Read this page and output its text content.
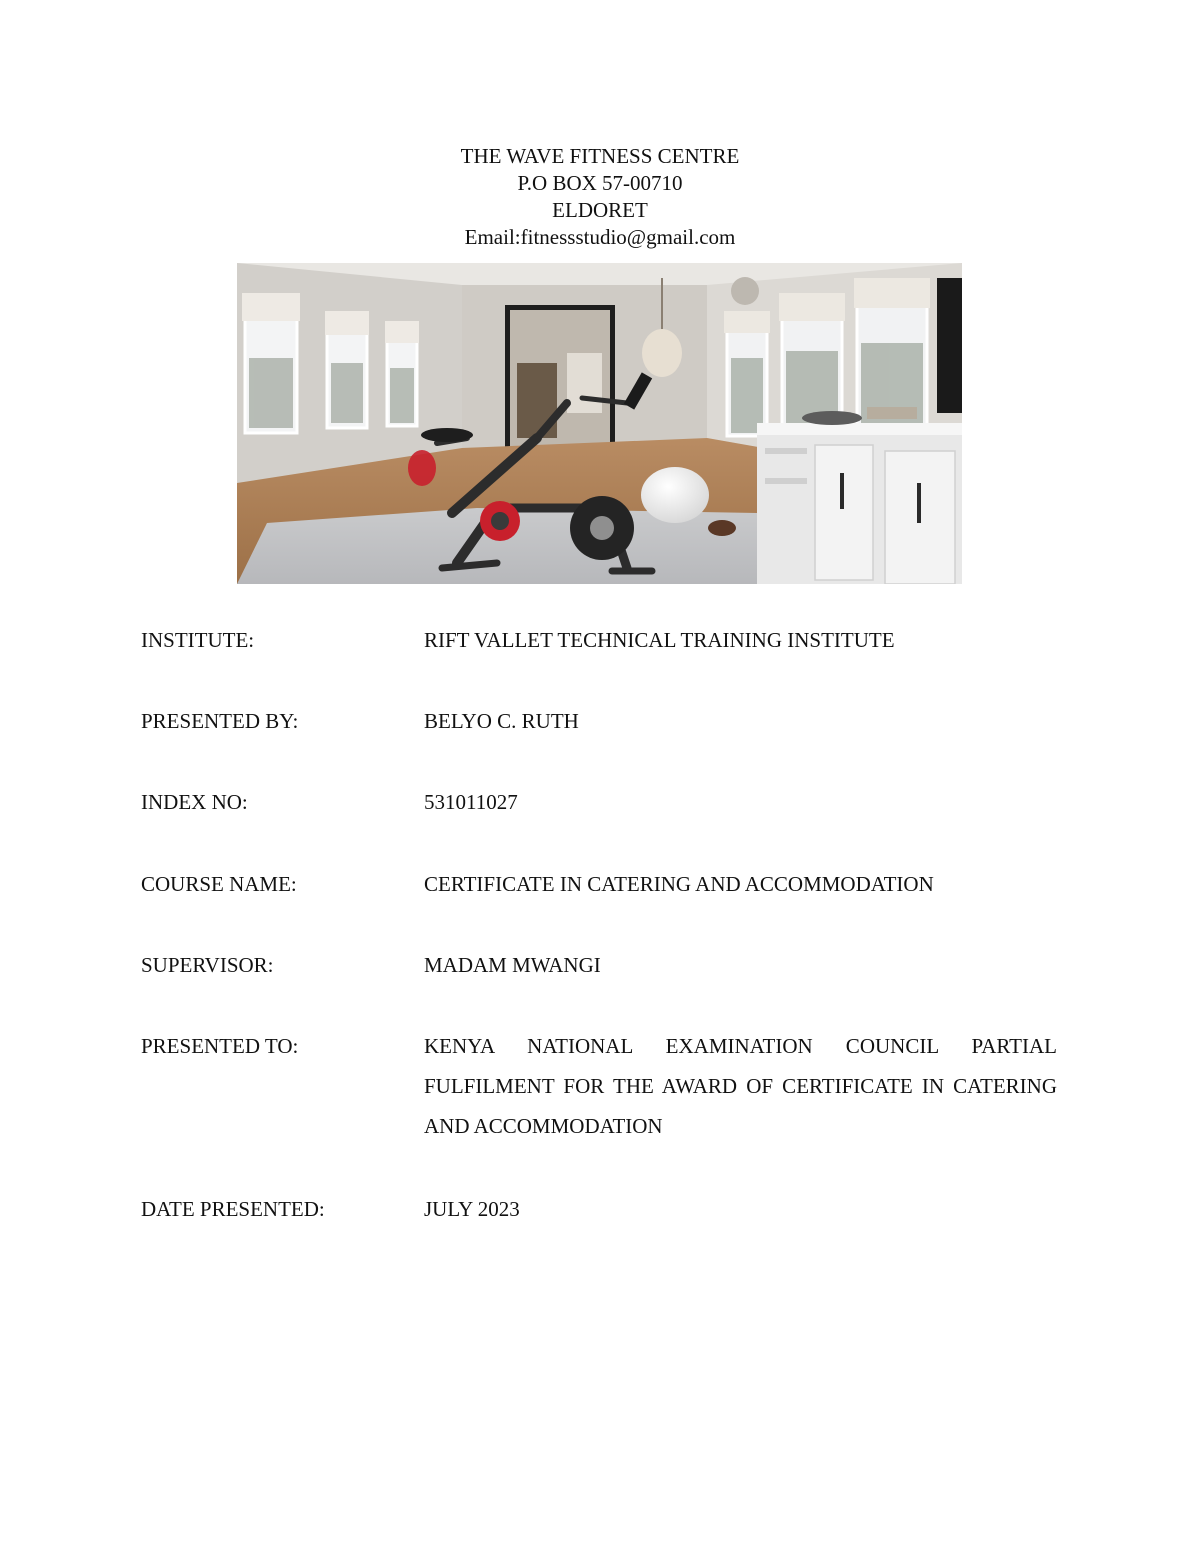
THE WAVE FITNESS CENTRE
P.O BOX 57-00710
ELDORET
Email:fitnessstudio@gmail.com
INSTITUTE:	RIFT VALLET TECHNICAL TRAINING INSTITUTE
PRESENTED BY:	BELYO C. RUTH
INDEX NO:	531011027
COURSE NAME:	CERTIFICATE IN CATERING AND ACCOMMODATION
SUPERVISOR:	MADAM MWANGI
PRESENTED TO:	KENYA NATIONAL EXAMINATION COUNCIL PARTIAL FULFILMENT FOR THE AWARD OF CERTIFICATE IN CATERING AND ACCOMMODATION
DATE PRESENTED:	JULY 2023
